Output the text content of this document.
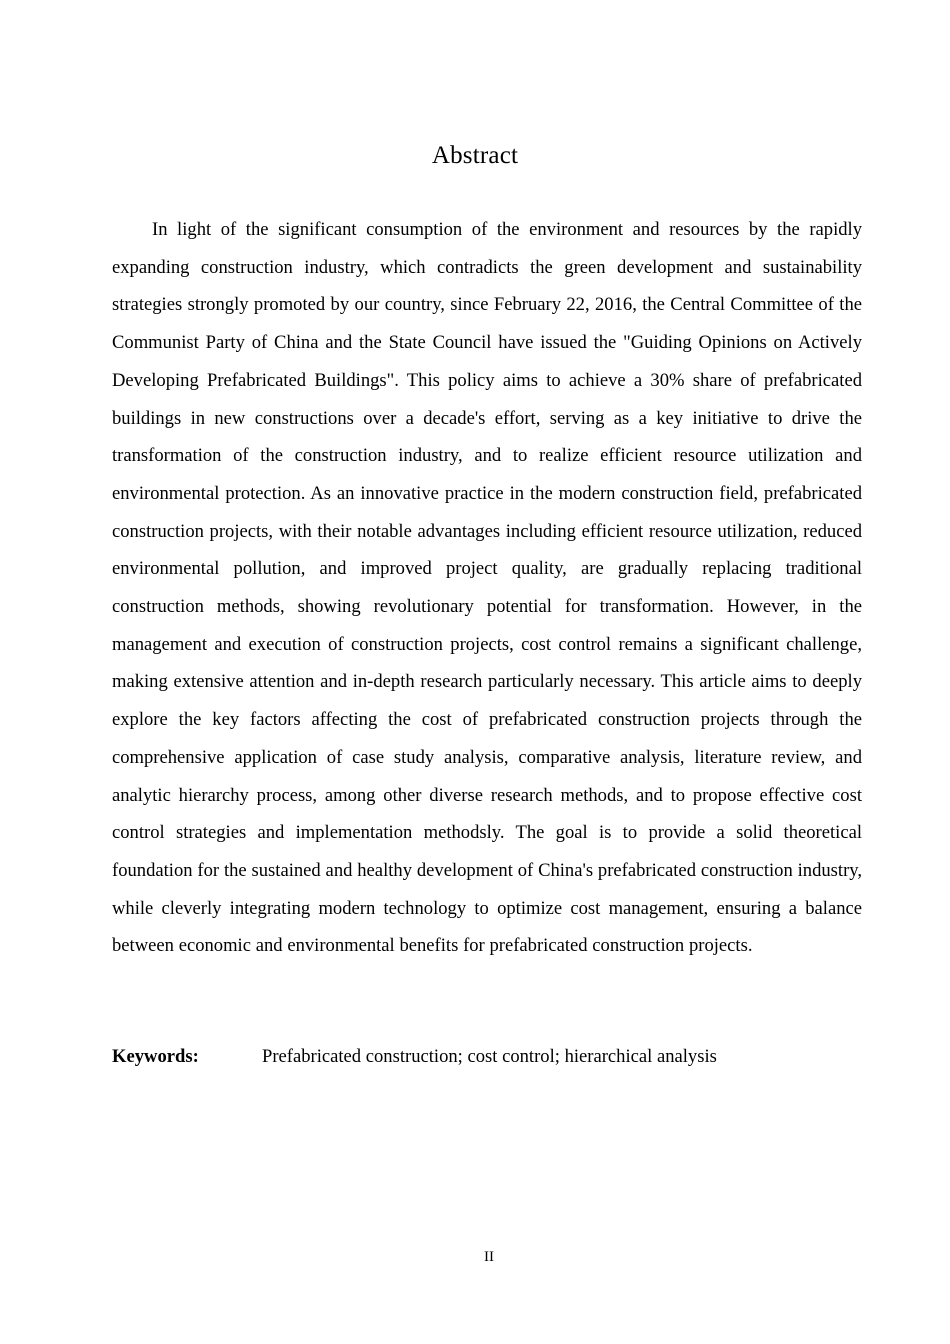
Abstract

In light of the significant consumption of the environment and resources by the rapidly expanding construction industry, which contradicts the green development and sustainability strategies strongly promoted by our country, since February 22, 2016, the Central Committee of the Communist Party of China and the State Council have issued the "Guiding Opinions on Actively Developing Prefabricated Buildings". This policy aims to achieve a 30% share of prefabricated buildings in new constructions over a decade's effort, serving as a key initiative to drive the transformation of the construction industry, and to realize efficient resource utilization and environmental protection. As an innovative practice in the modern construction field, prefabricated construction projects, with their notable advantages including efficient resource utilization, reduced environmental pollution, and improved project quality, are gradually replacing traditional construction methods, showing revolutionary potential for transformation. However, in the management and execution of construction projects, cost control remains a significant challenge, making extensive attention and in-depth research particularly necessary. This article aims to deeply explore the key factors affecting the cost of prefabricated construction projects through the comprehensive application of case study analysis, comparative analysis, literature review, and analytic hierarchy process, among other diverse research methods, and to propose effective cost control strategies and implementation methodsly. The goal is to provide a solid theoretical foundation for the sustained and healthy development of China's prefabricated construction industry, while cleverly integrating modern technology to optimize cost management, ensuring a balance between economic and environmental benefits for prefabricated construction projects.

Keywords:	Prefabricated construction; cost control; hierarchical analysis
II
